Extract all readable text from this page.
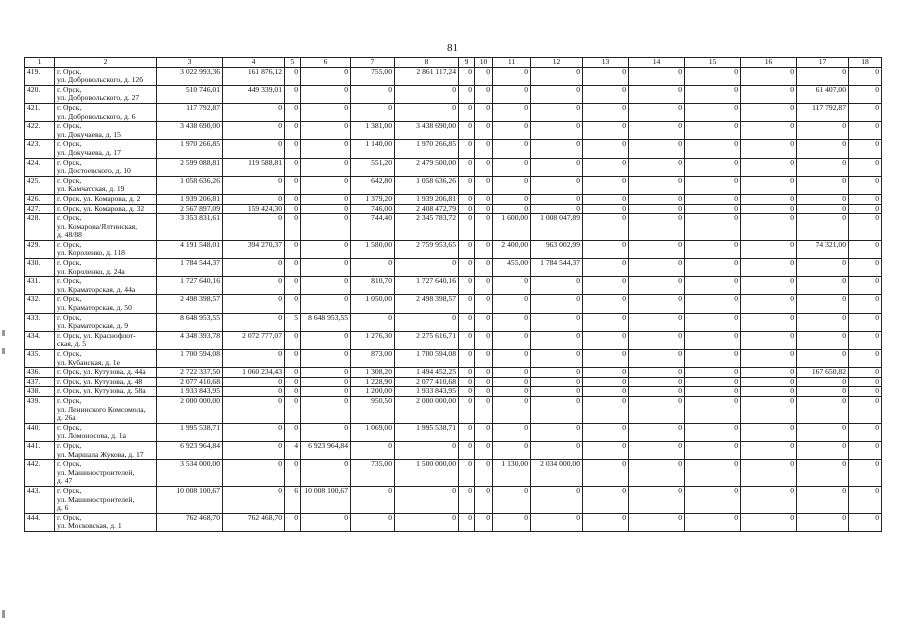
81
1	2	3	4	5	6	7	8	9	10	11	12	13	14	15	16	17	18
419.	г. Орск,
ул. Добровольского, д. 12б	3 022 993,36	161 876,12	0	0	755,00	2 861 117,24	0	0	0	0	0	0	0	0	0	0
420.	г. Орск,
ул. Добровольского, д. 27	510 746,01	449 339,01	0	0	0	0	0	0	0	0	0	0	0	0	61 407,00	0
421.	г. Орск,
ул. Добровольского, д. 6	117 792,87	0	0	0	0	0	0	0	0	0	0	0	0	0	117 792,87	0
422.	г. Орск,
ул. Докучаева, д. 15	3 438 690,00	0	0	0	1 381,00	3 438 690,00	0	0	0	0	0	0	0	0	0	0
423.	г. Орск,
ул. Докучаева, д. 17	1 970 266,85	0	0	0	1 140,00	1 970 266,85	0	0	0	0	0	0	0	0	0	0
424.	г. Орск,
ул. Достоевского, д. 10	2 599 088,81	119 588,81	0	0	551,20	2 479 500,00	0	0	0	0	0	0	0	0	0	0
425.	г. Орск,
ул. Камчатская, д. 19	1 058 636,26	0	0	0	642,80	1 058 636,26	0	0	0	0	0	0	0	0	0	0
426.	г. Орск, ул. Комарова, д. 2	1 939 206,81	0	0	0	1 379,20	1 939 206,81	0	0	0	0	0	0	0	0	0	0
427.	г. Орск, ул. Комарова, д. 32	2 567 897,09	159 424,30	0	0	746,00	2 408 472,79	0	0	0	0	0	0	0	0	0	0
428.	г. Орск,
ул. Комарова/Ялтинская,
д. 48/88	3 353 831,61	0	0	0	744,40	2 345 783,72	0	0	1 600,00	1 008 047,89	0	0	0	0	0	0
429.	г. Орск,
ул. Короленко, д. 118	4 191 548,01	394 270,37	0	0	1 580,00	2 759 953,65	0	0	2 400,00	963 002,99	0	0	0	0	74 321,00	0
430.	г. Орск,
ул. Короленко, д. 24а	1 784 544,37	0	0	0	0	0	0	0	455,00	1 784 544,37	0	0	0	0	0	0
431.	г. Орск,
ул. Краматорская, д. 44а	1 727 640,16	0	0	0	810,70	1 727 640,16	0	0	0	0	0	0	0	0	0	0
432.	г. Орск,
ул. Краматорская, д. 50	2 498 398,57	0	0	0	1 050,00	2 498 398,57	0	0	0	0	0	0	0	0	0	0
433.	г. Орск,
ул. Краматорская, д. 9	8 648 953,55	0	5	8 648 953,55	0	0	0	0	0	0	0	0	0	0	0	0
434.	г. Орск, ул. Краснофлот-
ская, д. 5	4 348 393,78	2 072 777,07	0	0	1 276,30	2 275 616,71	0	0	0	0	0	0	0	0	0	0
435.	г. Орск,
ул. Кубанская, д. 1е	1 700 594,08	0	0	0	873,00	1 700 594,08	0	0	0	0	0	0	0	0	0	0
436.	г. Орск, ул. Кутузова, д. 44а	2 722 337,50	1 060 234,43	0	0	1 308,20	1 494 452,25	0	0	0	0	0	0	0	0	167 650,82	0
437.	г. Орск, ул. Кутузова, д. 48	2 077 410,68	0	0	0	1 228,90	2 077 410,68	0	0	0	0	0	0	0	0	0	0
438.	г. Орск, ул. Кутузова, д. 58а	1 933 843,95	0	0	0	1 200,00	1 933 843,95	0	0	0	0	0	0	0	0	0	0
439.	г. Орск,
ул. Ленинского Комсомола,
д. 26а	2 000 000,00	0	0	0	950,50	2 000 000,00	0	0	0	0	0	0	0	0	0	0
440.	г. Орск,
ул. Ломоносова, д. 1а	1 995 538,71	0	0	0	1 069,00	1 995 538,71	0	0	0	0	0	0	0	0	0	0
441.	г. Орск,
ул. Маршала Жукова, д. 17	6 923 964,84	0	4	6 923 964,84	0	0	0	0	0	0	0	0	0	0	0	0
442.	г. Орск,
ул. Машиностроителей,
д. 47	3 534 000,00	0	0	0	735,00	1 500 000,00	0	0	1 130,00	2 034 000,00	0	0	0	0	0	0
443.	г. Орск,
ул. Машиностроителей,
д. 6	10 008 100,67	0	6	10 008 100,67	0	0	0	0	0	0	0	0	0	0	0	0
444.	г. Орск,
ул. Московская, д. 1	762 468,70	762 468,70	0	0	0	0	0	0	0	0	0	0	0	0	0	0
